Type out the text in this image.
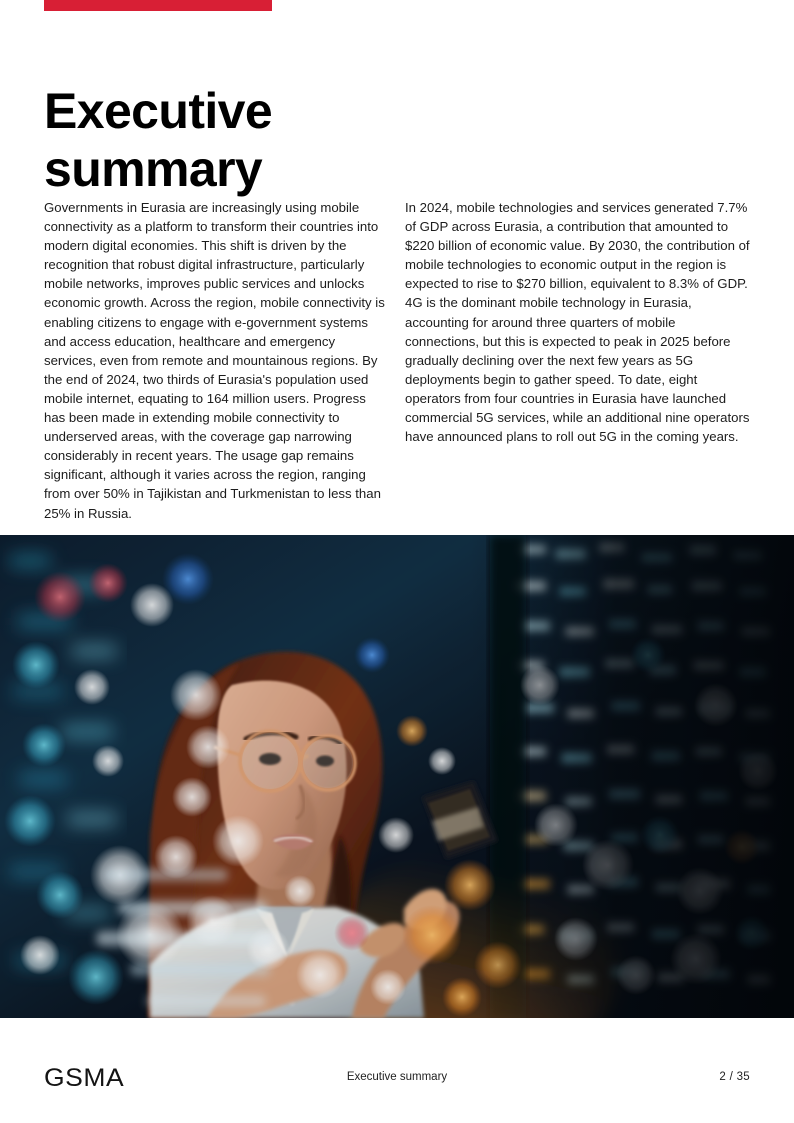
Executive summary

Governments in Eurasia are increasingly using mobile connectivity as a platform to transform their countries into modern digital economies. This shift is driven by the recognition that robust digital infrastructure, particularly mobile networks, improves public services and unlocks economic growth. Across the region, mobile connectivity is enabling citizens to engage with e-government systems and access education, healthcare and emergency services, even from remote and mountainous regions. By the end of 2024, two thirds of Eurasia's population used mobile internet, equating to 164 million users. Progress has been made in extending mobile connectivity to underserved areas, with the coverage gap narrowing considerably in recent years. The usage gap remains significant, although it varies across the region, ranging from over 50% in Tajikistan and Turkmenistan to less than 25% in Russia.

In 2024, mobile technologies and services generated 7.7% of GDP across Eurasia, a contribution that amounted to $220 billion of economic value. By 2030, the contribution of mobile technologies to economic output in the region is expected to rise to $270 billion, equivalent to 8.3% of GDP. 4G is the dominant mobile technology in Eurasia, accounting for around three quarters of mobile connections, but this is expected to peak in 2025 before gradually declining over the next few years as 5G deployments begin to gather speed. To date, eight operators from four countries in Eurasia have launched commercial 5G services, while an additional nine operators have announced plans to roll out 5G in the coming years.

GSMA	Executive summary	2 / 35
